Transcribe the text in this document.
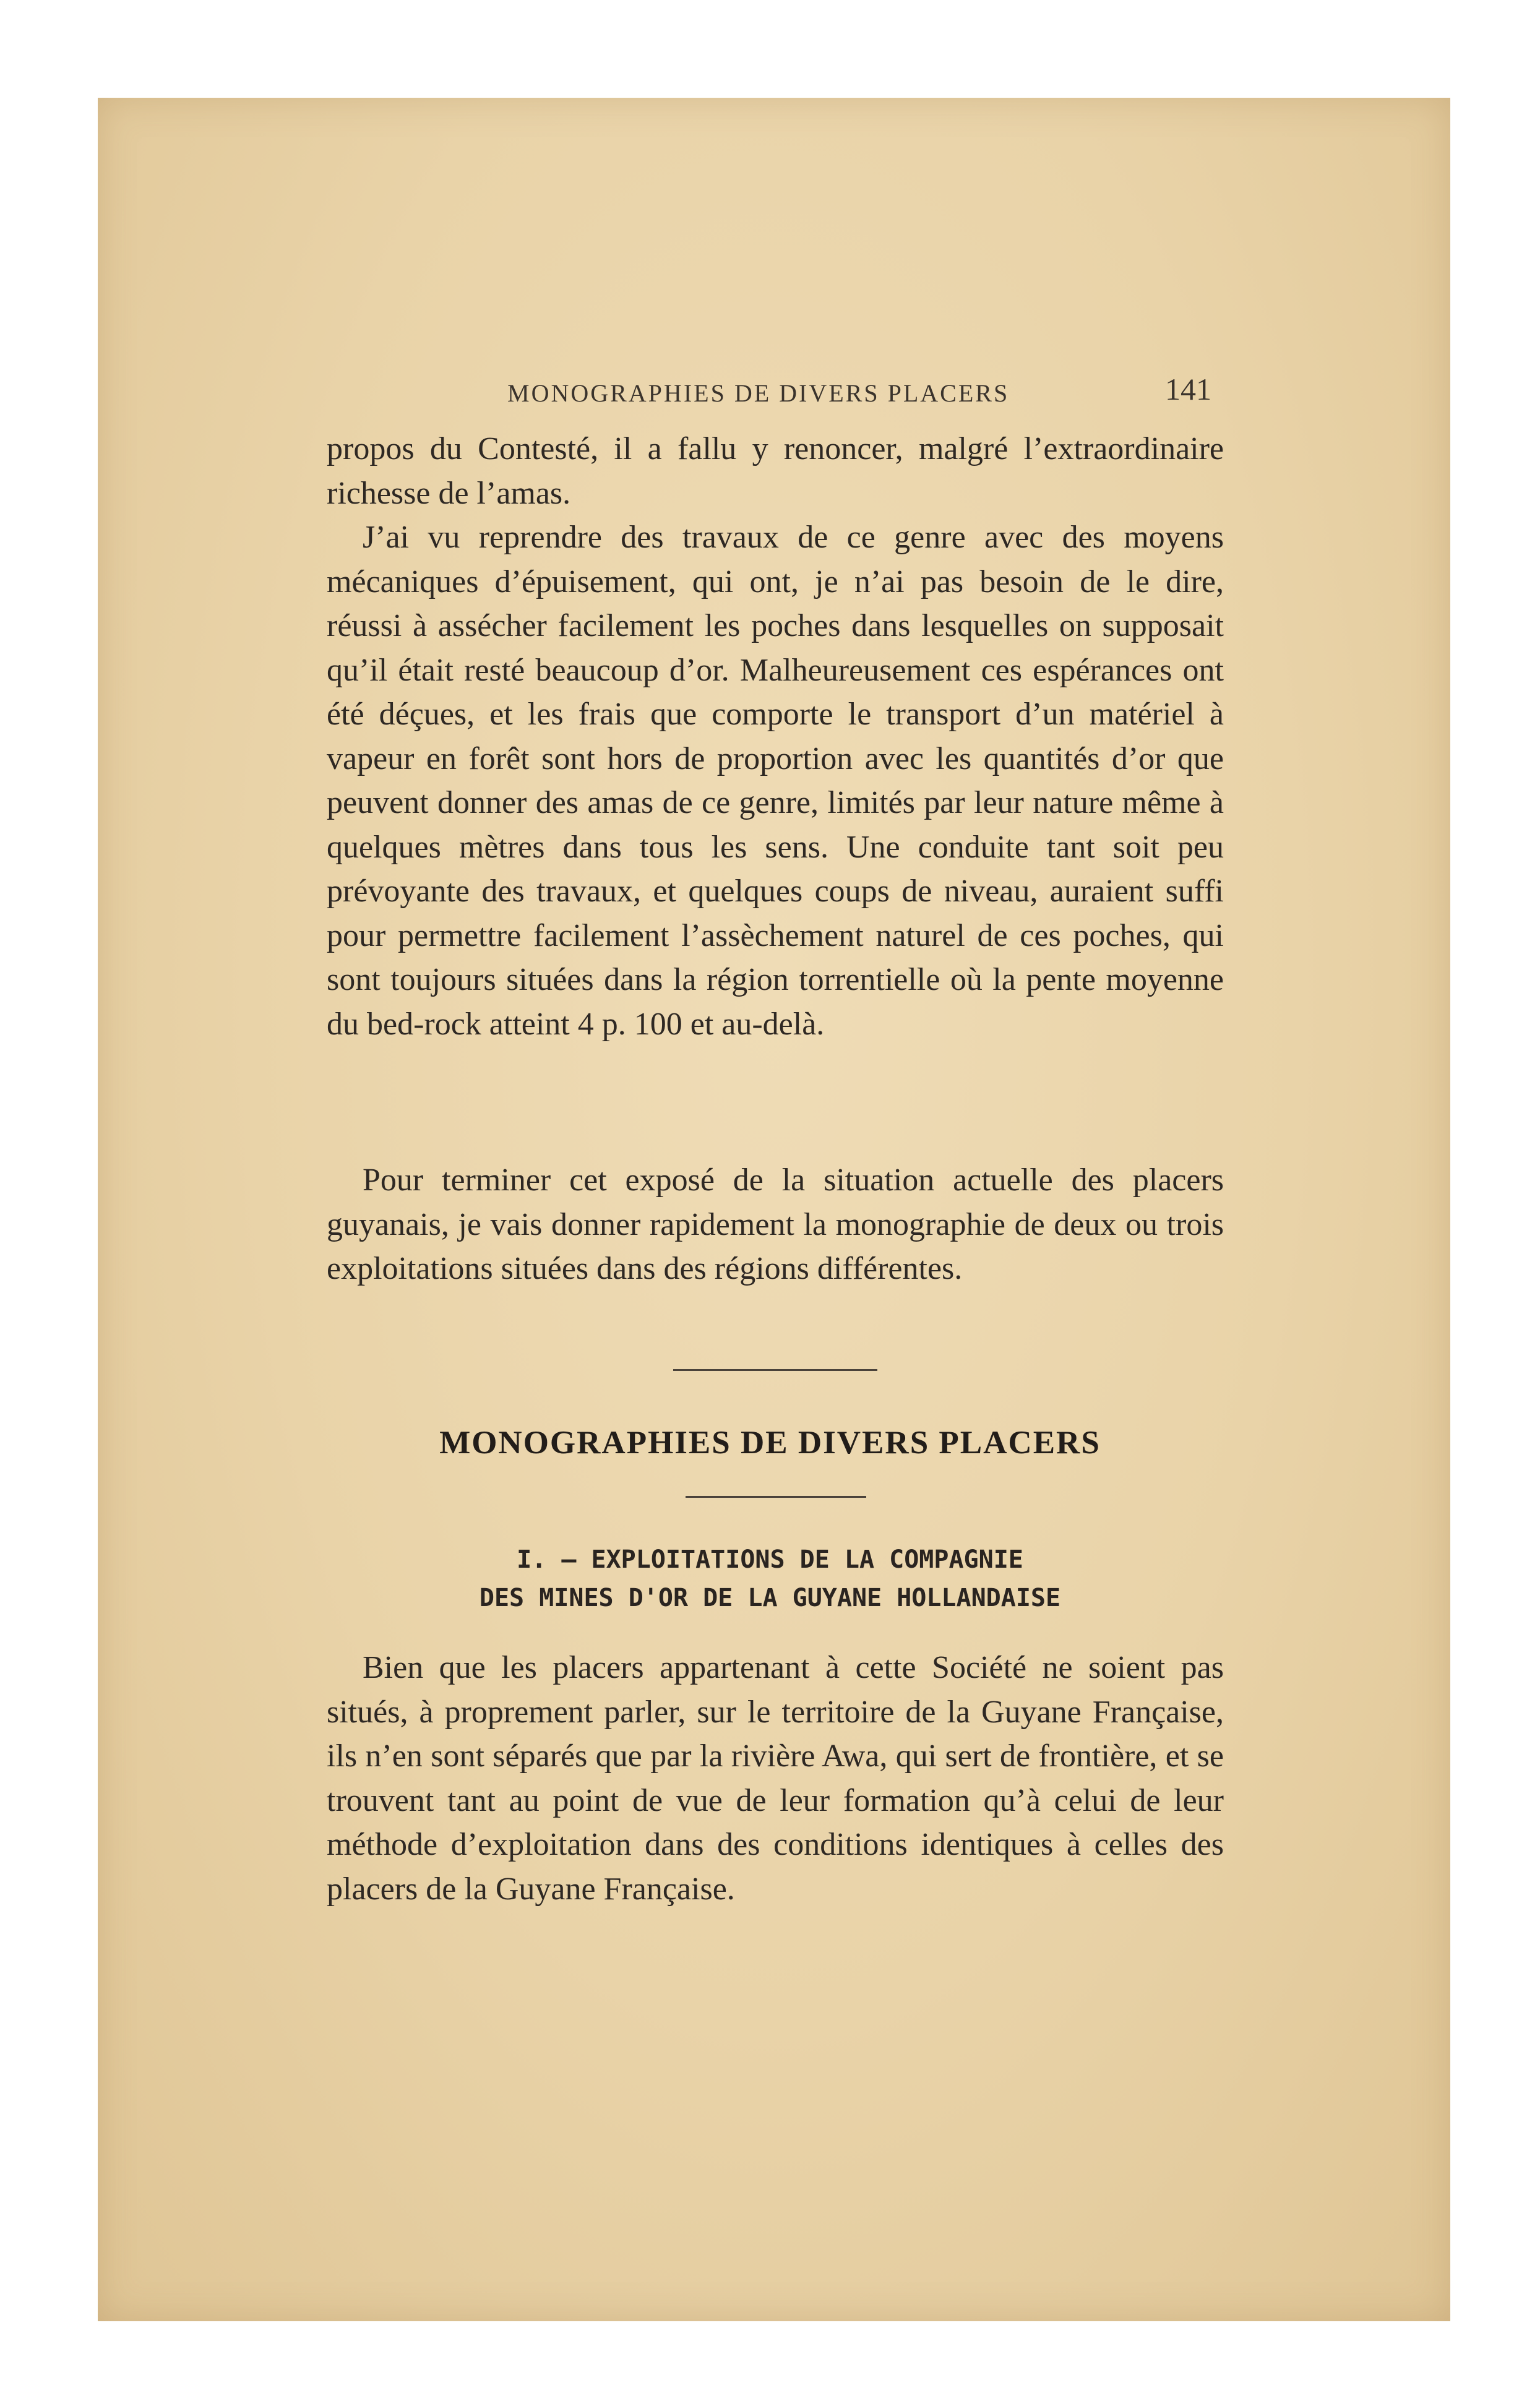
MONOGRAPHIES DE DIVERS PLACERS	141

propos du Contesté, il a fallu y renoncer, malgré l’extraordinaire richesse de l’amas.

J’ai vu reprendre des travaux de ce genre avec des moyens mécaniques d’épuisement, qui ont, je n’ai pas besoin de le dire, réussi à assécher facilement les poches dans lesquelles on supposait qu’il était resté beaucoup d’or. Malheureusement ces espérances ont été déçues, et les frais que comporte le transport d’un matériel à vapeur en forêt sont hors de proportion avec les quantités d’or que peuvent donner des amas de ce genre, limités par leur nature même à quelques mètres dans tous les sens. Une conduite tant soit peu prévoyante des travaux, et quelques coups de niveau, auraient suffi pour permettre facilement l’assèchement naturel de ces poches, qui sont toujours situées dans la région torrentielle où la pente moyenne du bed-rock atteint 4 p. 100 et au-delà.

Pour terminer cet exposé de la situation actuelle des placers guyanais, je vais donner rapidement la monographie de deux ou trois exploitations situées dans des régions différentes.

MONOGRAPHIES DE DIVERS PLACERS
I. — EXPLOITATIONS DE LA COMPAGNIE
DES MINES D'OR DE LA GUYANE HOLLANDAISE

Bien que les placers appartenant à cette Société ne soient pas situés, à proprement parler, sur le territoire de la Guyane Française, ils n’en sont séparés que par la rivière Awa, qui sert de frontière, et se trouvent tant au point de vue de leur formation qu’à celui de leur méthode d’exploitation dans des conditions identiques à celles des placers de la Guyane Française.
